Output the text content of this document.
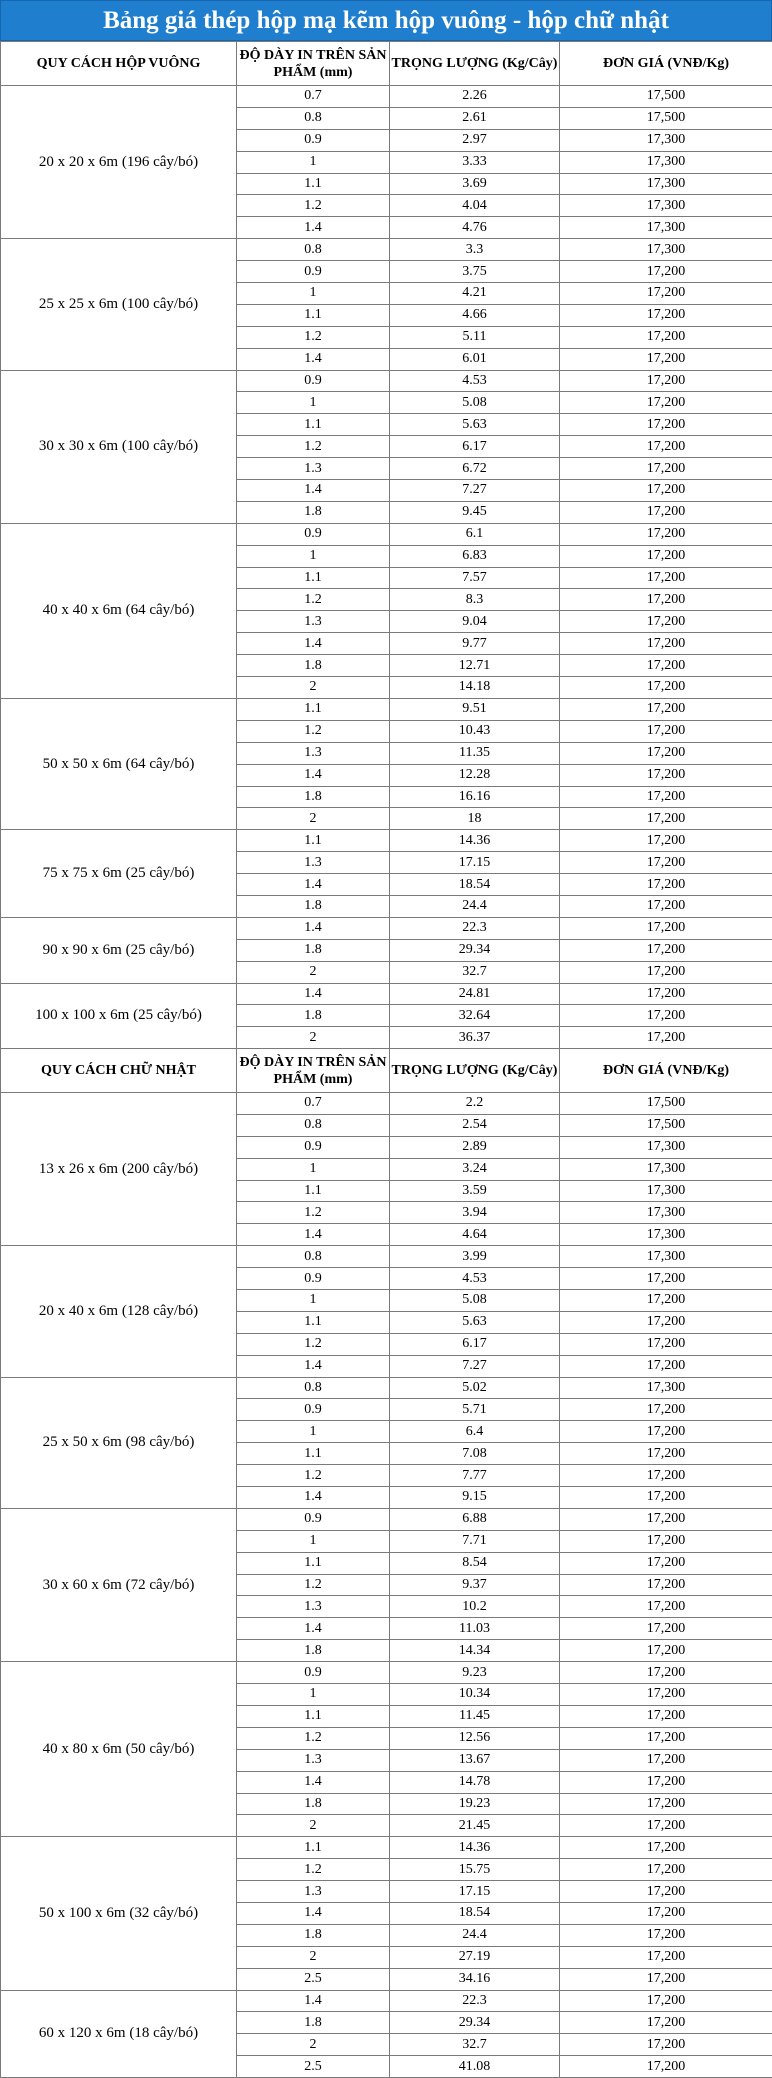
Bảng giá thép hộp mạ kẽm hộp vuông - hộp chữ nhật
QUY CÁCH HỘP VUÔNG	ĐỘ DÀY IN TRÊN SẢN PHẨM (mm)	TRỌNG LƯỢNG (Kg/Cây)	ĐƠN GIÁ (VNĐ/Kg)
20 x 20 x 6m (196 cây/bó)	0.7	2.26	17,500
	0.8	2.61	17,500
	0.9	2.97	17,300
	1	3.33	17,300
	1.1	3.69	17,300
	1.2	4.04	17,300
	1.4	4.76	17,300
25 x 25 x 6m (100 cây/bó)	0.8	3.3	17,300
	0.9	3.75	17,200
	1	4.21	17,200
	1.1	4.66	17,200
	1.2	5.11	17,200
	1.4	6.01	17,200
30 x 30 x 6m (100 cây/bó)	0.9	4.53	17,200
	1	5.08	17,200
	1.1	5.63	17,200
	1.2	6.17	17,200
	1.3	6.72	17,200
	1.4	7.27	17,200
	1.8	9.45	17,200
40 x 40 x 6m (64 cây/bó)	0.9	6.1	17,200
	1	6.83	17,200
	1.1	7.57	17,200
	1.2	8.3	17,200
	1.3	9.04	17,200
	1.4	9.77	17,200
	1.8	12.71	17,200
	2	14.18	17,200
50 x 50 x 6m (64 cây/bó)	1.1	9.51	17,200
	1.2	10.43	17,200
	1.3	11.35	17,200
	1.4	12.28	17,200
	1.8	16.16	17,200
	2	18	17,200
75 x 75 x 6m (25 cây/bó)	1.1	14.36	17,200
	1.3	17.15	17,200
	1.4	18.54	17,200
	1.8	24.4	17,200
90 x 90 x 6m (25 cây/bó)	1.4	22.3	17,200
	1.8	29.34	17,200
	2	32.7	17,200
100 x 100 x 6m (25 cây/bó)	1.4	24.81	17,200
	1.8	32.64	17,200
	2	36.37	17,200
QUY CÁCH CHỮ NHẬT	ĐỘ DÀY IN TRÊN SẢN PHẨM (mm)	TRỌNG LƯỢNG (Kg/Cây)	ĐƠN GIÁ (VNĐ/Kg)
13 x 26 x 6m (200 cây/bó)	0.7	2.2	17,500
	0.8	2.54	17,500
	0.9	2.89	17,300
	1	3.24	17,300
	1.1	3.59	17,300
	1.2	3.94	17,300
	1.4	4.64	17,300
20 x 40 x 6m (128 cây/bó)	0.8	3.99	17,300
	0.9	4.53	17,200
	1	5.08	17,200
	1.1	5.63	17,200
	1.2	6.17	17,200
	1.4	7.27	17,200
25 x 50 x 6m (98 cây/bó)	0.8	5.02	17,300
	0.9	5.71	17,200
	1	6.4	17,200
	1.1	7.08	17,200
	1.2	7.77	17,200
	1.4	9.15	17,200
30 x 60 x 6m (72 cây/bó)	0.9	6.88	17,200
	1	7.71	17,200
	1.1	8.54	17,200
	1.2	9.37	17,200
	1.3	10.2	17,200
	1.4	11.03	17,200
	1.8	14.34	17,200
40 x 80 x 6m (50 cây/bó)	0.9	9.23	17,200
	1	10.34	17,200
	1.1	11.45	17,200
	1.2	12.56	17,200
	1.3	13.67	17,200
	1.4	14.78	17,200
	1.8	19.23	17,200
	2	21.45	17,200
50 x 100 x 6m (32 cây/bó)	1.1	14.36	17,200
	1.2	15.75	17,200
	1.3	17.15	17,200
	1.4	18.54	17,200
	1.8	24.4	17,200
	2	27.19	17,200
	2.5	34.16	17,200
60 x 120 x 6m (18 cây/bó)	1.4	22.3	17,200
	1.8	29.34	17,200
	2	32.7	17,200
	2.5	41.08	17,200
